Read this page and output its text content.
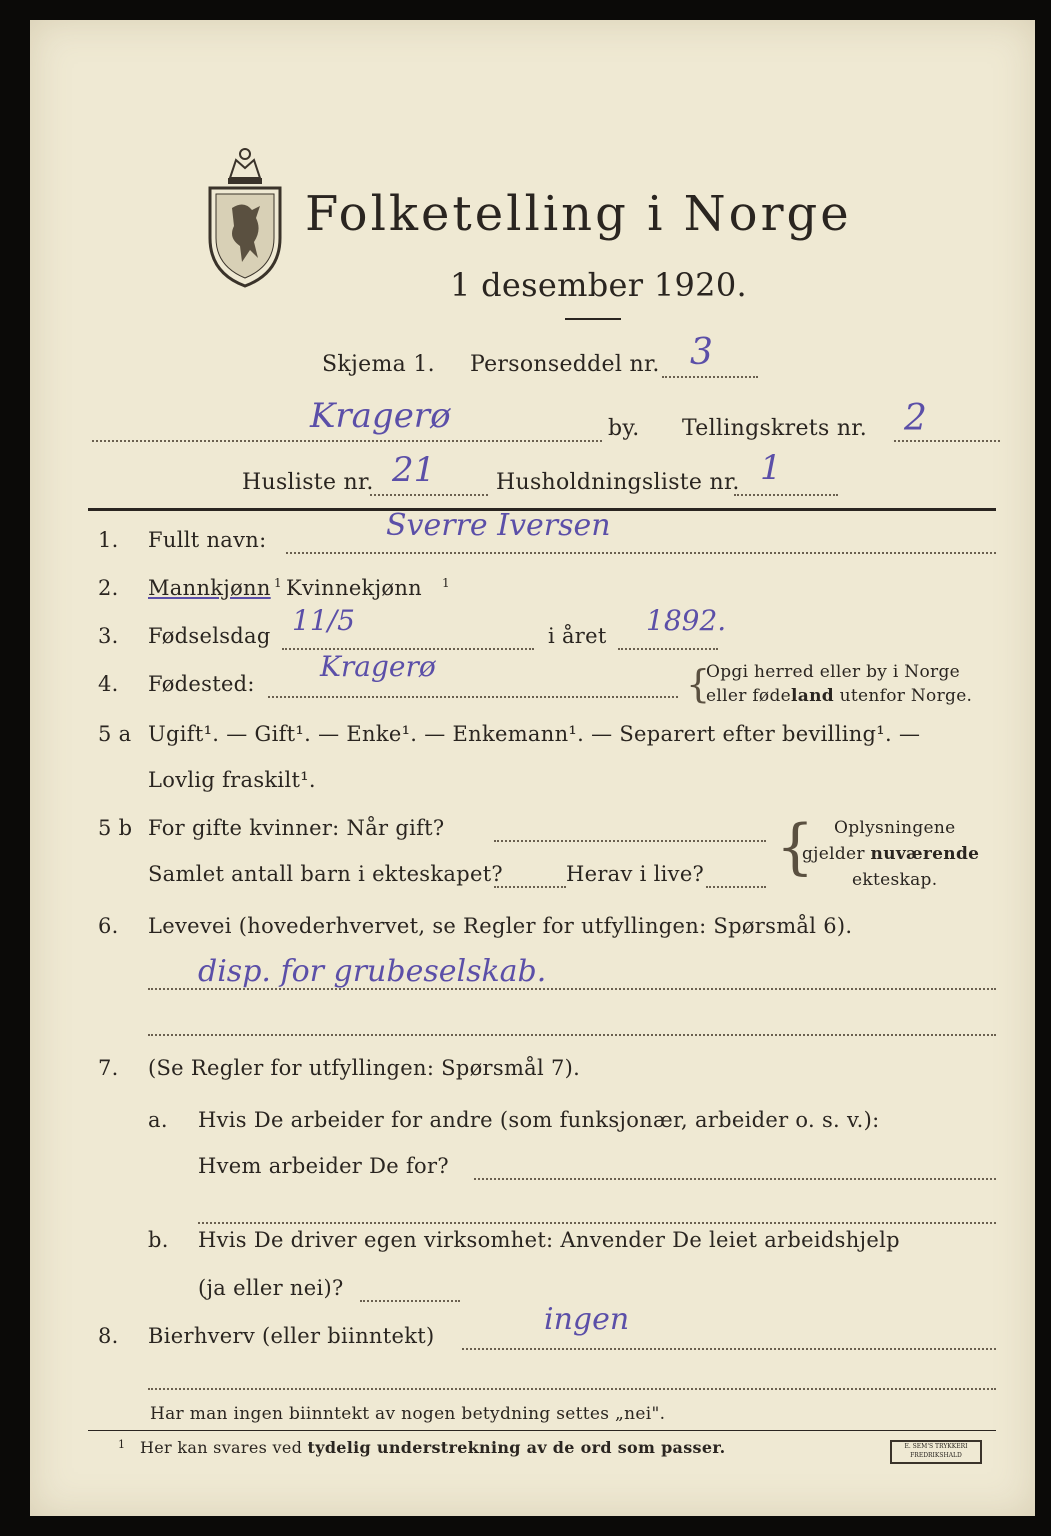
Folketelling i Norge
1 desember 1920.
Skjema 1. Personseddel nr. 3
Kragerø	by. Tellingskrets nr. 2
Husliste nr. 21	Husholdningsliste nr. 1
1. Fullt navn:	Sverre Iversen
2. Mannkjønn 1 Kvinnekjønn 1
3. Fødselsdag 11/5	i året 1892.
4. Fødested:
Kragerø	{
Opgi herred eller by i Norge
eller fødeland utenfor Norge.
5 a Ugift¹. — Gift¹. — Enke¹. — Enkemann¹. — Separert efter bevilling¹. —
Lovlig fraskilt¹.
5 b For gifte kvinner: Når gift?
Samlet antall barn i ekteskapet?	Herav i live? { Oplysningene
gjelder nuværende
ekteskap.
6. Levevei (hovederhvervet, se Regler for utfyllingen: Spørsmål 6).
disp. for grubeselskab.
7. (Se Regler for utfyllingen: Spørsmål 7).
a. Hvis De arbeider for andre (som funksjonær, arbeider o. s. v.):
Hvem arbeider De for?
b. Hvis De driver egen virksomhet: Anvender De leiet arbeidshjelp
(ja eller nei)?
8. Bierhverv (eller biinntekt)	ingen
Har man ingen biinntekt av nogen betydning settes „nei".
1 Her kan svares ved tydelig understrekning av de ord som passer.	E. SEM'S TRYKKERI FREDRIKSHALD
